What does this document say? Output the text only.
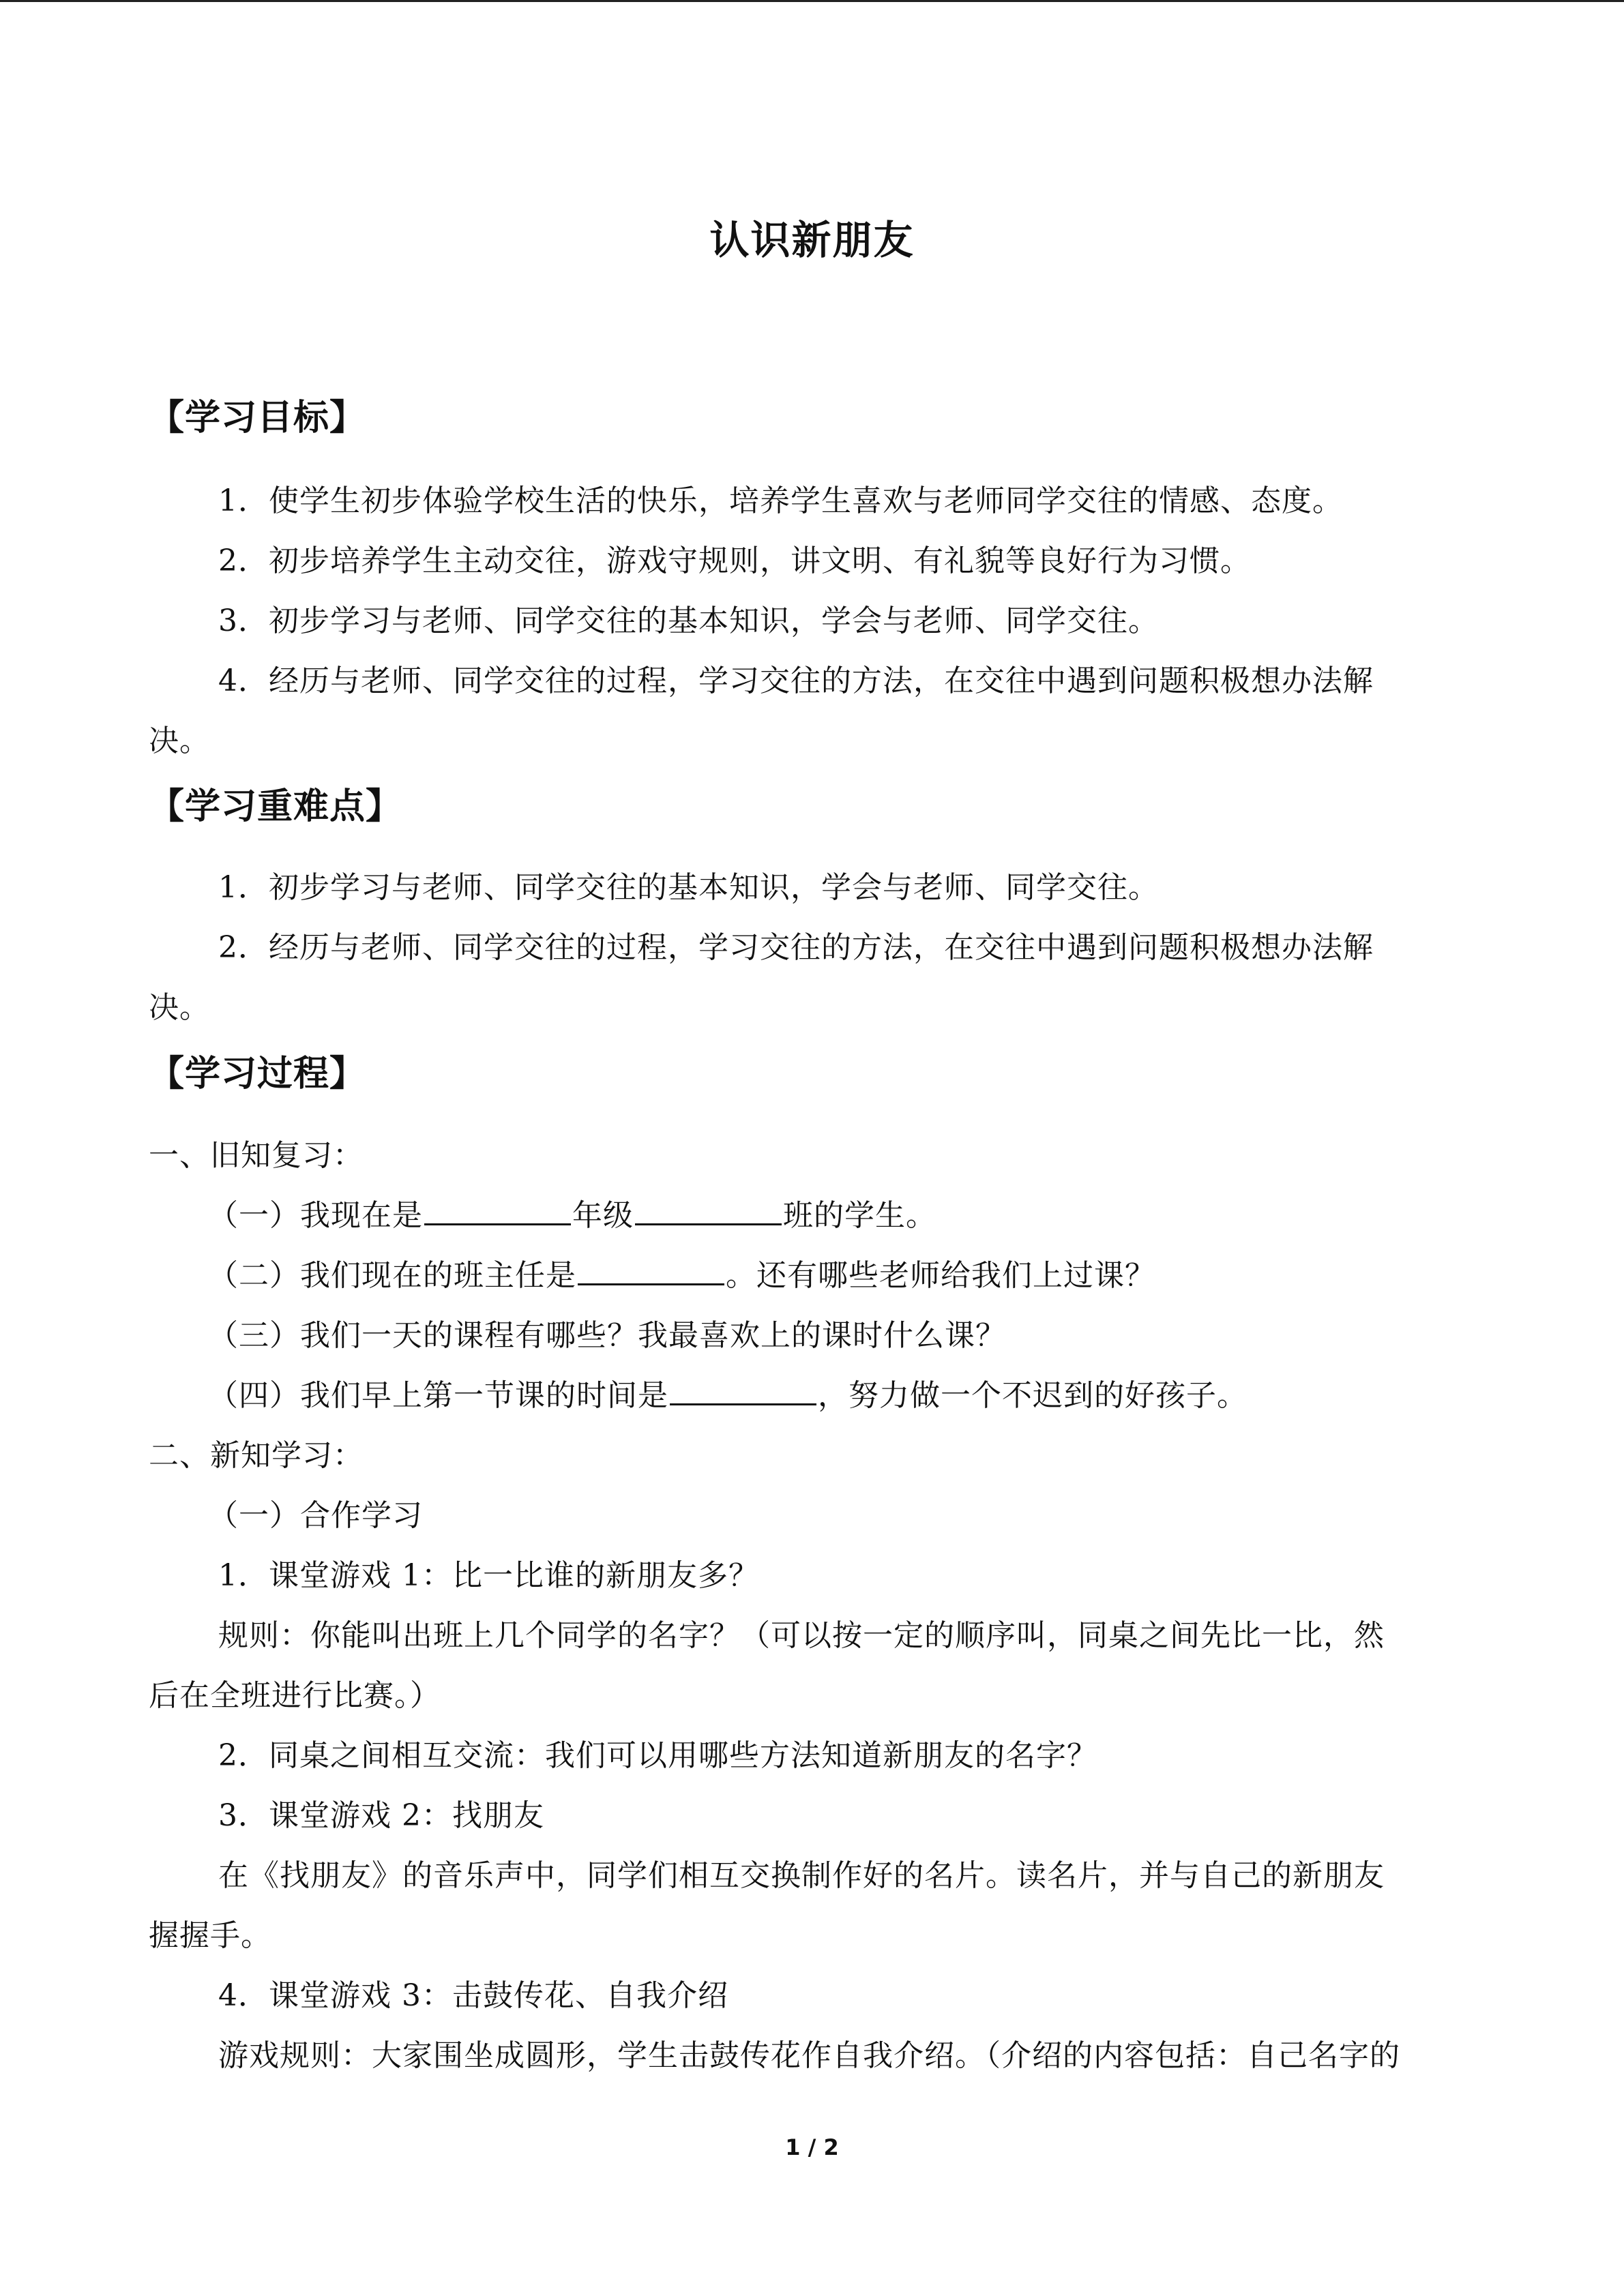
认识新朋友
【学习目标】
1．使学生初步体验学校生活的快乐，培养学生喜欢与老师同学交往的情感、态度。
2．初步培养学生主动交往，游戏守规则，讲文明、有礼貌等良好行为习惯。
3．初步学习与老师、同学交往的基本知识，学会与老师、同学交往。
4．经历与老师、同学交往的过程，学习交往的方法，在交往中遇到问题积极想办法解
决。
【学习重难点】
1．初步学习与老师、同学交往的基本知识，学会与老师、同学交往。
2．经历与老师、同学交往的过程，学习交往的方法，在交往中遇到问题积极想办法解
决。
【学习过程】
一、旧知复习：
（一）我现在是	年级	班的学生。
（二）我们现在的班主任是	。还有哪些老师给我们上过课？
（三）我们一天的课程有哪些？我最喜欢上的课时什么课？
（四）我们早上第一节课的时间是	，努力做一个不迟到的好孩子。
二、新知学习：
（一）合作学习
1．课堂游戏 1：比一比谁的新朋友多？
规则：你能叫出班上几个同学的名字？（可以按一定的顺序叫，同桌之间先比一比，然
后在全班进行比赛。）
2．同桌之间相互交流：我们可以用哪些方法知道新朋友的名字？
3．课堂游戏 2：找朋友
在《找朋友》的音乐声中，同学们相互交换制作好的名片。读名片，并与自己的新朋友
握握手。
4．课堂游戏 3：击鼓传花、自我介绍
游戏规则：大家围坐成圆形，学生击鼓传花作自我介绍。（介绍的内容包括：自己名字的
1 / 2
